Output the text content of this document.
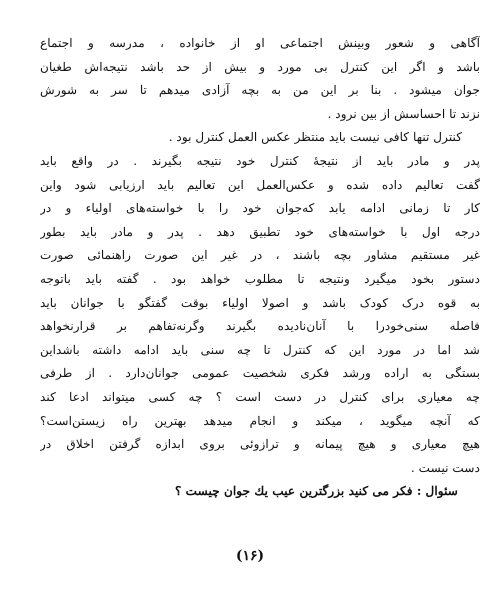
آگاهی و شعور وبینش اجتماعی او از خانواده ، مدرسه و اجتماع
باشد و اگر این کنترل بی مورد و بیش از حد باشد نتیجه‌اش طغیان
جوان میشود . بنا بر این من به بچه آزادی میدهم تا سر به شورش
نزند تا احساسش از بین نرود .
کنترل تنها کافی نیست باید منتظر عکس العمل کنترل بود .
پدر و مادر باید از نتیجهٔ کنترل خود نتیجه بگیرند . در واقع باید
گفت تعالیم داده شده و عکس‌العمل این تعالیم باید ارزیابی شود واین
کار تا زمانی ادامه یابد که‌جوان خود را با خواسته‌های اولیاء و در
درجه اول با خواسته‌های خود تطبیق دهد . پدر و مادر باید بطور
غیر مستقیم مشاور بچه باشند ، در غیر این صورت راهنمائی صورت
دستور بخود میگیرد ونتیجه تا مطلوب خواهد بود . گفته باید باتوجه
به قوه درک کودک باشد و اصولا اولیاء بوقت گفتگو با جوانان باید
فاصله سنی‌خودرا با آنان‌نادیده بگیرند وگرنه‌تفاهم بر قرار‌نخواهد
شد اما در مورد این که کنترل تا چه سنی باید ادامه داشته باشداین
بستگی به اراده ورشد فکری شخصیت عمومی جوانان‌دارد . از طرفی
چه معیاری برای کنترل در دست است ؟ چه کسی میتواند ادعا کند
که آنچه میگوید ، میکند و انجام میدهد بهترین راه زیستن‌است؟
هیچ معیاری و هیچ پیمانه و ترازوئی بروی ابدازه گرفتن اخلاق در
دست نیست .
سئوال : فکر می کنید بزرگترین عیب یك جوان چیست ؟
(۱۶)
